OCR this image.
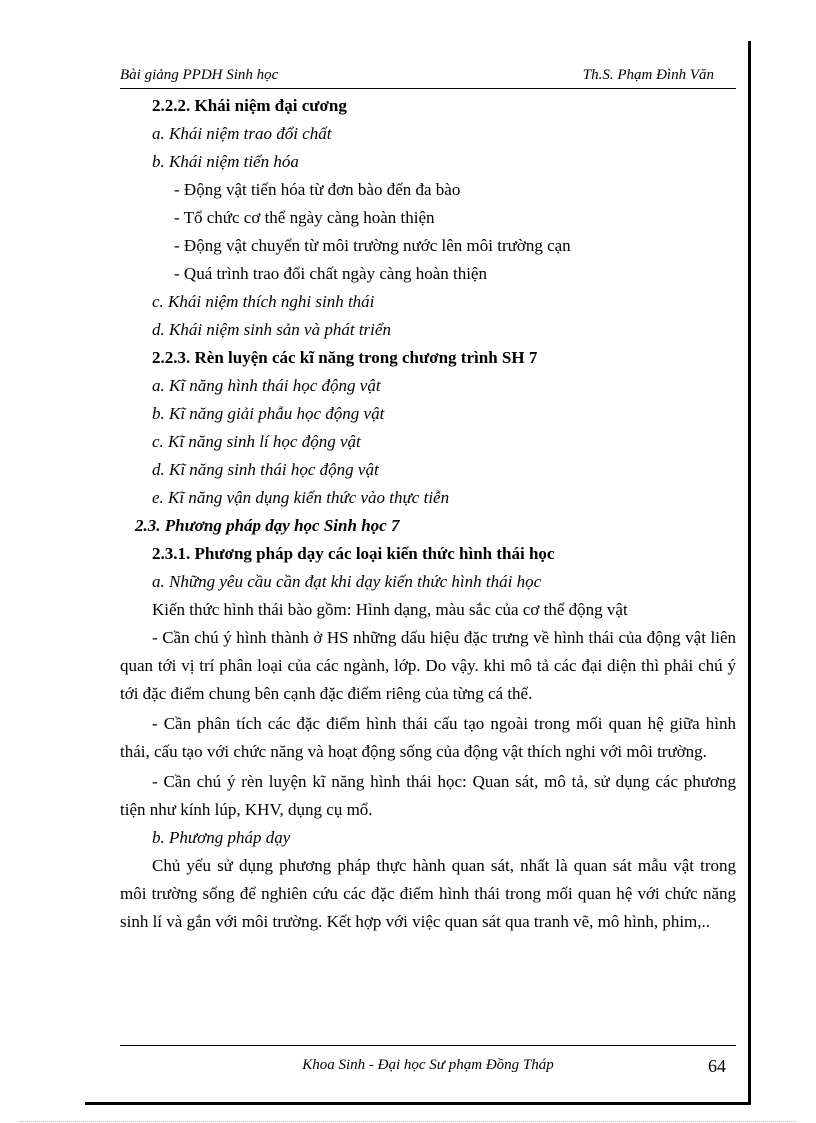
Bài giảng PPDH Sinh học	Th.S. Phạm Đình Văn
2.2.2. Khái niệm đại cương
a. Khái niệm trao đổi chất
b. Khái niệm tiến hóa
- Động vật tiến hóa từ đơn bào đến đa bào
- Tổ chức cơ thể ngày càng hoàn thiện
- Động vật chuyển từ môi trường nước lên môi trường cạn
- Quá trình trao đổi chất ngày càng hoàn thiện
c. Khái niệm thích nghi sinh thái
d. Khái niệm sinh sản và phát triển
2.2.3. Rèn luyện các kĩ năng trong chương trình SH 7
a. Kĩ năng hình thái học động vật
b. Kĩ năng giải phẫu học động vật
c. Kĩ năng sinh lí học động vật
d. Kĩ năng sinh thái học động vật
e. Kĩ năng vận dụng kiến thức vào thực tiễn
2.3. Phương pháp dạy học Sinh học 7
2.3.1. Phương pháp dạy các loại kiến thức hình thái học
a. Những yêu cầu cần đạt khi dạy kiến thức hình thái học
Kiến thức hình thái bào gồm: Hình dạng, màu sắc của cơ thể động vật

- Cần chú ý hình thành ở HS những dấu hiệu đặc trưng về hình thái của động vật liên quan tới vị trí phân loại của các ngành, lớp. Do vậy. khi mô tả các đại diện thì phải chú ý tới đặc điểm chung bên cạnh đặc điểm riêng của từng cá thể.

- Cần phân tích các đặc điểm hình thái cấu tạo ngoài trong mối quan hệ giữa hình thái, cấu tạo với chức năng và hoạt động sống của động vật thích nghi với môi trường.

- Cần chú ý rèn luyện kĩ năng hình thái học: Quan sát, mô tả, sử dụng các phương tiện như kính lúp, KHV, dụng cụ mổ.

b. Phương pháp dạy

Chủ yếu sử dụng phương pháp thực hành quan sát, nhất là quan sát mẫu vật trong môi trường sống để nghiên cứu các đặc điểm hình thái trong mối quan hệ với chức năng sinh lí và gắn với môi trường. Kết hợp với việc quan sát qua tranh vẽ, mô hình, phim,..

Khoa Sinh - Đại học Sư phạm Đồng Tháp	64
